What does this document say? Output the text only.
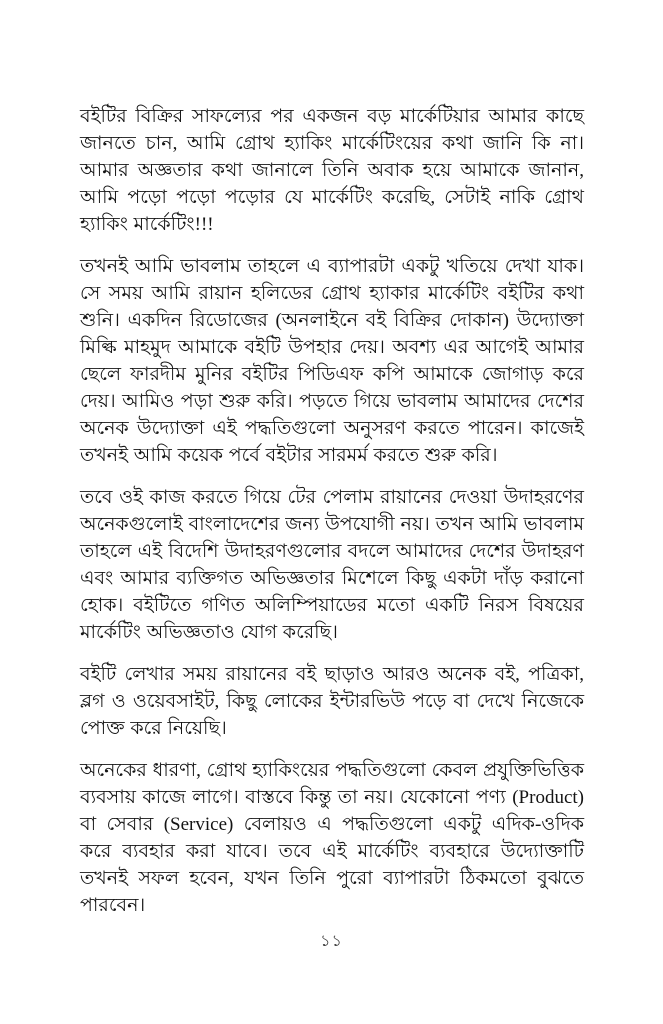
বইটির বিক্রির সাফল্যের পর একজন বড় মার্কেটিয়ার আমার কাছে জানতে চান, আমি গ্রোথ হ্যাকিং মার্কেটিংয়ের কথা জানি কি না। আমার অজ্ঞতার কথা জানালে তিনি অবাক হয়ে আমাকে জানান, আমি পড়ো পড়ো পড়োর যে মার্কেটিং করেছি, সেটাই নাকি গ্রোথ হ্যাকিং মার্কেটিং!!!

তখনই আমি ভাবলাম তাহলে এ ব্যাপারটা একটু খতিয়ে দেখা যাক। সে সময় আমি রায়ান হলিডের গ্রোথ হ্যাকার মার্কেটিং বইটির কথা শুনি। একদিন রিডোজের (অনলাইনে বই বিক্রির দোকান) উদ্যোক্তা মিল্কি মাহমুদ আমাকে বইটি উপহার দেয়। অবশ্য এর আগেই আমার ছেলে ফারদীম মুনির বইটির পিডিএফ কপি আমাকে জোগাড় করে দেয়। আমিও পড়া শুরু করি। পড়তে গিয়ে ভাবলাম আমাদের দেশের অনেক উদ্যোক্তা এই পদ্ধতিগুলো অনুসরণ করতে পারেন। কাজেই তখনই আমি কয়েক পর্বে বইটার সারমর্ম করতে শুরু করি।

তবে ওই কাজ করতে গিয়ে টের পেলাম রায়ানের দেওয়া উদাহরণের অনেকগুলোই বাংলাদেশের জন্য উপযোগী নয়। তখন আমি ভাবলাম তাহলে এই বিদেশি উদাহরণগুলোর বদলে আমাদের দেশের উদাহরণ এবং আমার ব্যক্তিগত অভিজ্ঞতার মিশেলে কিছু একটা দাঁড় করানো হোক। বইটিতে গণিত অলিম্পিয়াডের মতো একটি নিরস বিষয়ের মার্কেটিং অভিজ্ঞতাও যোগ করেছি।

বইটি লেখার সময় রায়ানের বই ছাড়াও আরও অনেক বই, পত্রিকা, ব্লগ ও ওয়েবসাইট, কিছু লোকের ইন্টারভিউ পড়ে বা দেখে নিজেকে পোক্ত করে নিয়েছি।

অনেকের ধারণা, গ্রোথ হ্যাকিংয়ের পদ্ধতিগুলো কেবল প্রযুক্তিভিত্তিক ব্যবসায় কাজে লাগে। বাস্তবে কিন্তু তা নয়। যেকোনো পণ্য (Product) বা সেবার (Service) বেলায়ও এ পদ্ধতিগুলো একটু এদিক-ওদিক করে ব্যবহার করা যাবে। তবে এই মার্কেটিং ব্যবহারে উদ্যোক্তাটি তখনই সফল হবেন, যখন তিনি পুরো ব্যাপারটা ঠিকমতো বুঝতে পারবেন।

১১
